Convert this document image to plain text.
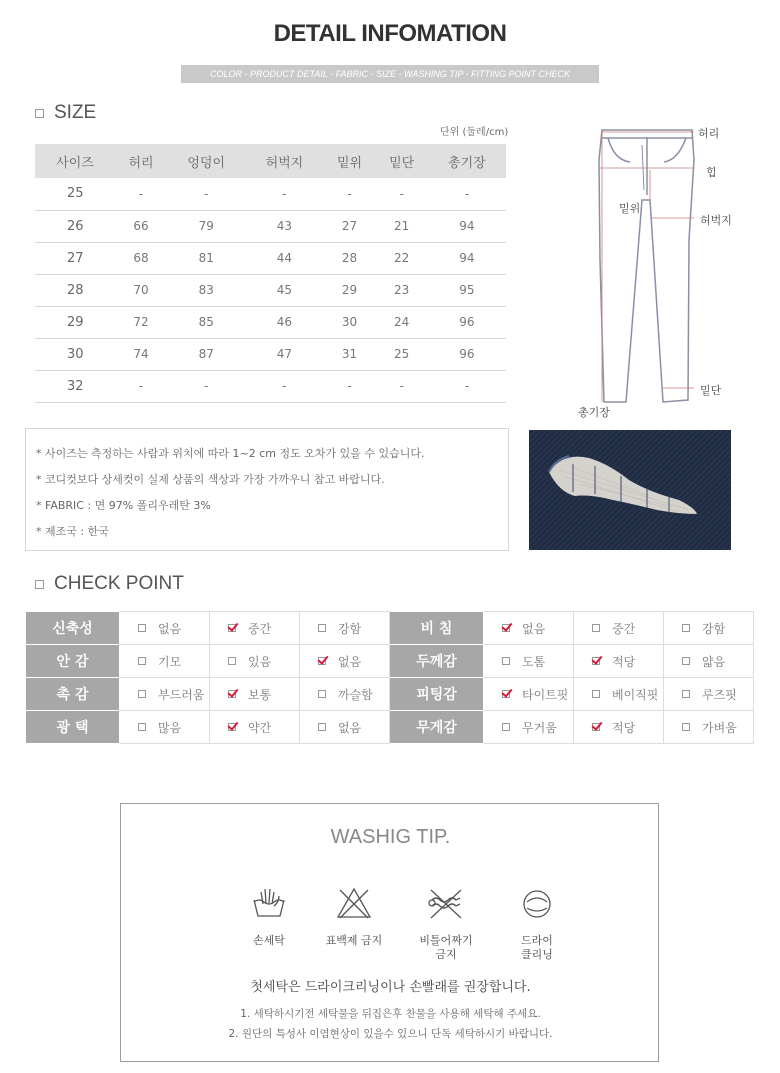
DETAIL INFOMATION
COLOR - PRODUCT DETAIL - FABRIC - SIZE - WASHING TIP - FITTING POINT CHECK
SIZE
단위 (둘레/cm)
사이즈	허리	엉덩이	허벅지	밑위	밑단	총기장
25	-	-	-	-	-	-
26	66	79	43	27	21	94
27	68	81	44	28	22	94
28	70	83	45	29	23	95
29	72	85	46	30	24	96
30	74	87	47	31	25	96
32	-	-	-	-	-	-
허리
힙
밑위
허벅지
밑단
총기장
* 사이즈는 측정하는 사람과 위치에 따라 1~2 cm 정도 오차가 있을 수 있습니다.
* 코디컷보다 상세컷이 실제 상품의 색상과 가장 가까우니 참고 바랍니다.
* FABRIC : 면 97% 폴리우레탄 3%
* 제조국 : 한국
CHECK POINT
신축성	없음	중간	강함	비 침	없음	중간	강함
안 감	기모	있음	없음	두께감	도톰	적당	얇음
촉 감	부드러움	보통	까슬함	피팅감	타이트핏	베이직핏	루즈핏
광 택	많음	약간	없음	무게감	무거움	적당	가벼움
WASHIG TIP.
손세탁	표백제 금지	비틀어짜기
금지
드라이
클리닝
첫세탁은 드라이크리닝이나 손빨래를 권장합니다.
1. 세탁하시기전 세탁물을 뒤집은후 찬물을 사용해 세탁해 주세요.
2. 원단의 특성사 이염현상이 있을수 있으니 단독 세탁하시기 바랍니다.
